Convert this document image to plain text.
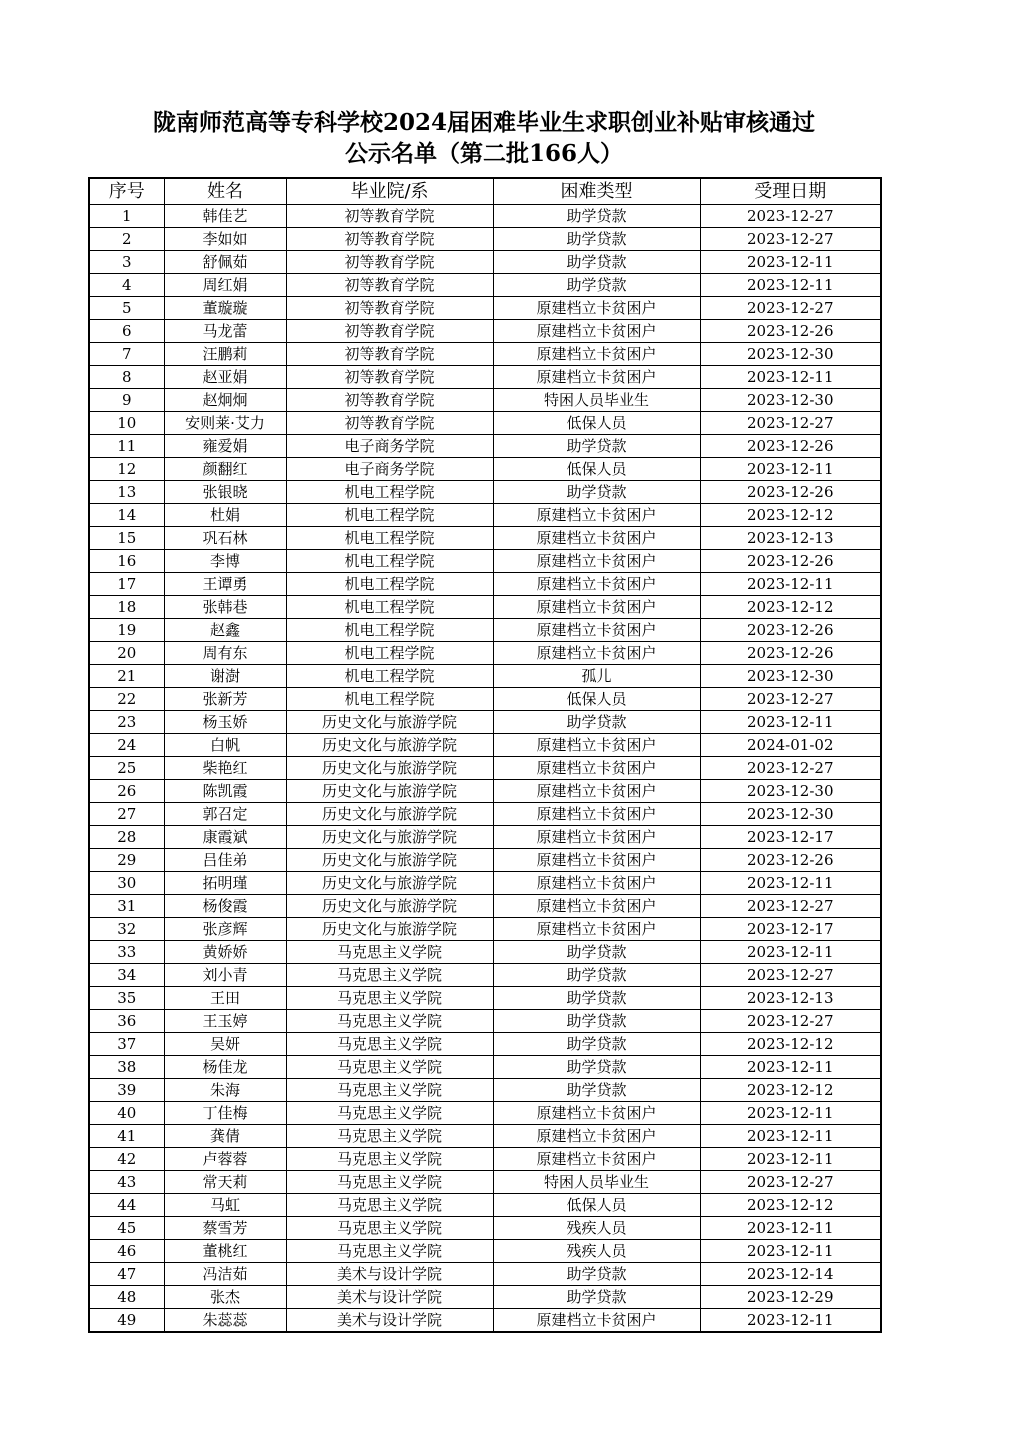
陇南师范高等专科学校2024届困难毕业生求职创业补贴审核通过
公示名单（第二批166人）
序号	姓名	毕业院/系	困难类型	受理日期
1	韩佳艺	初等教育学院	助学贷款	2023-12-27
2	李如如	初等教育学院	助学贷款	2023-12-27
3	舒佩茹	初等教育学院	助学贷款	2023-12-11
4	周红娟	初等教育学院	助学贷款	2023-12-11
5	董璇璇	初等教育学院	原建档立卡贫困户	2023-12-27
6	马龙蕾	初等教育学院	原建档立卡贫困户	2023-12-26
7	汪鹏莉	初等教育学院	原建档立卡贫困户	2023-12-30
8	赵亚娟	初等教育学院	原建档立卡贫困户	2023-12-11
9	赵炯炯	初等教育学院	特困人员毕业生	2023-12-30
10	安则莱·艾力	初等教育学院	低保人员	2023-12-27
11	雍爱娟	电子商务学院	助学贷款	2023-12-26
12	颜翻红	电子商务学院	低保人员	2023-12-11
13	张银晓	机电工程学院	助学贷款	2023-12-26
14	杜娟	机电工程学院	原建档立卡贫困户	2023-12-12
15	巩石林	机电工程学院	原建档立卡贫困户	2023-12-13
16	李博	机电工程学院	原建档立卡贫困户	2023-12-26
17	王谭勇	机电工程学院	原建档立卡贫困户	2023-12-11
18	张韩巷	机电工程学院	原建档立卡贫困户	2023-12-12
19	赵鑫	机电工程学院	原建档立卡贫困户	2023-12-26
20	周有东	机电工程学院	原建档立卡贫困户	2023-12-26
21	谢澍	机电工程学院	孤儿	2023-12-30
22	张新芳	机电工程学院	低保人员	2023-12-27
23	杨玉娇	历史文化与旅游学院	助学贷款	2023-12-11
24	白帆	历史文化与旅游学院	原建档立卡贫困户	2024-01-02
25	柴艳红	历史文化与旅游学院	原建档立卡贫困户	2023-12-27
26	陈凯霞	历史文化与旅游学院	原建档立卡贫困户	2023-12-30
27	郭召定	历史文化与旅游学院	原建档立卡贫困户	2023-12-30
28	康霞斌	历史文化与旅游学院	原建档立卡贫困户	2023-12-17
29	吕佳弟	历史文化与旅游学院	原建档立卡贫困户	2023-12-26
30	拓明瑾	历史文化与旅游学院	原建档立卡贫困户	2023-12-11
31	杨俊霞	历史文化与旅游学院	原建档立卡贫困户	2023-12-27
32	张彦辉	历史文化与旅游学院	原建档立卡贫困户	2023-12-17
33	黄娇娇	马克思主义学院	助学贷款	2023-12-11
34	刘小青	马克思主义学院	助学贷款	2023-12-27
35	王田	马克思主义学院	助学贷款	2023-12-13
36	王玉婷	马克思主义学院	助学贷款	2023-12-27
37	吴妍	马克思主义学院	助学贷款	2023-12-12
38	杨佳龙	马克思主义学院	助学贷款	2023-12-11
39	朱海	马克思主义学院	助学贷款	2023-12-12
40	丁佳梅	马克思主义学院	原建档立卡贫困户	2023-12-11
41	龚倩	马克思主义学院	原建档立卡贫困户	2023-12-11
42	卢蓉蓉	马克思主义学院	原建档立卡贫困户	2023-12-11
43	常天莉	马克思主义学院	特困人员毕业生	2023-12-27
44	马虹	马克思主义学院	低保人员	2023-12-12
45	蔡雪芳	马克思主义学院	残疾人员	2023-12-11
46	董桃红	马克思主义学院	残疾人员	2023-12-11
47	冯洁茹	美术与设计学院	助学贷款	2023-12-14
48	张杰	美术与设计学院	助学贷款	2023-12-29
49	朱蕊蕊	美术与设计学院	原建档立卡贫困户	2023-12-11
